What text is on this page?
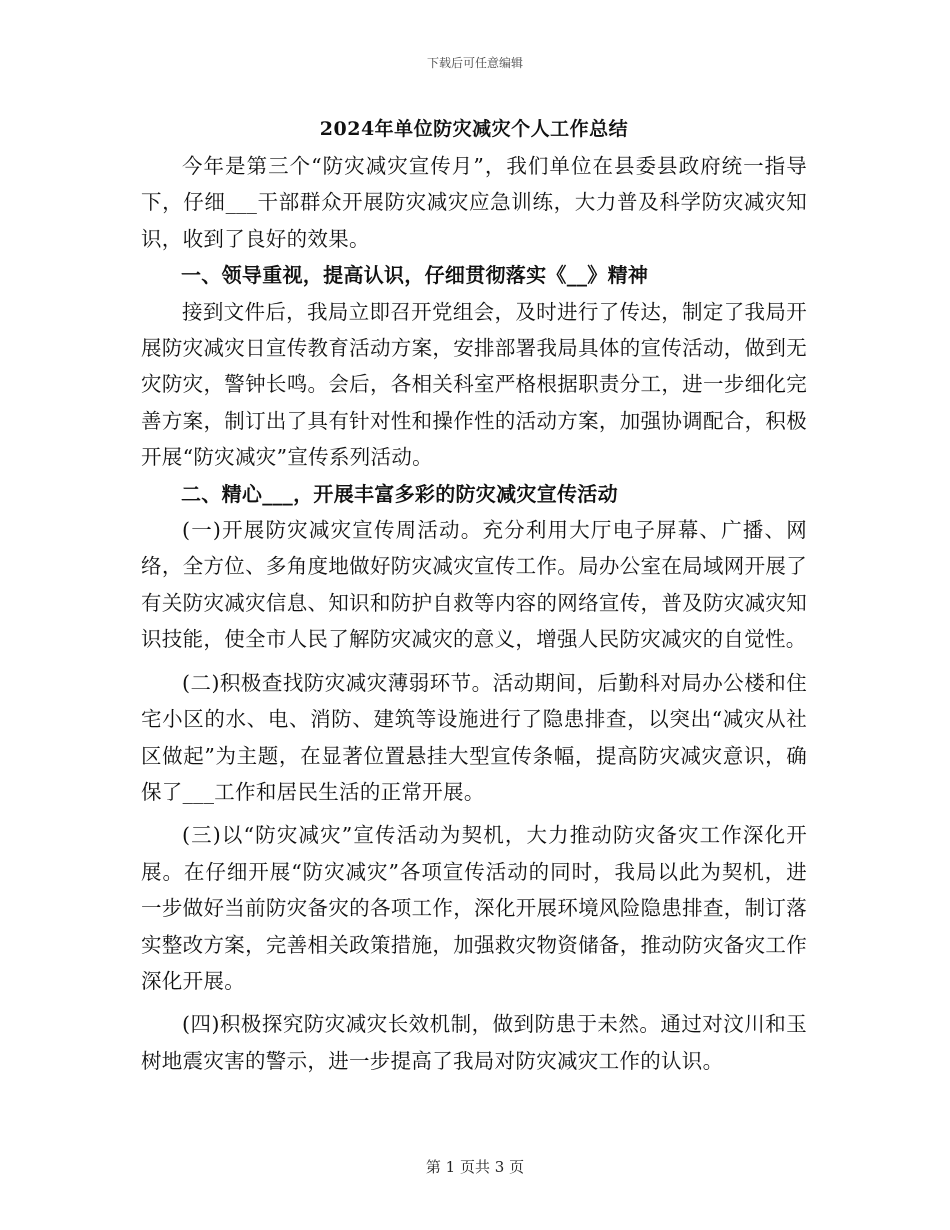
下载后可任意编辑
2024年单位防灾减灾个人工作总结

今年是第三个“防灾减灾宣传月”，我们单位在县委县政府统一指导下，仔细___干部群众开展防灾减灾应急训练，大力普及科学防灾减灾知识，收到了良好的效果。

一、领导重视，提高认识，仔细贯彻落实《__》精神

接到文件后，我局立即召开党组会，及时进行了传达，制定了我局开展防灾减灾日宣传教育活动方案，安排部署我局具体的宣传活动，做到无灾防灾，警钟长鸣。会后，各相关科室严格根据职责分工，进一步细化完善方案，制订出了具有针对性和操作性的活动方案，加强协调配合，积极开展“防灾减灾”宣传系列活动。

二、精心___，开展丰富多彩的防灾减灾宣传活动

(一)开展防灾减灾宣传周活动。充分利用大厅电子屏幕、广播、网络，全方位、多角度地做好防灾减灾宣传工作。局办公室在局域网开展了有关防灾减灾信息、知识和防护自救等内容的网络宣传，普及防灾减灾知识技能，使全市人民了解防灾减灾的意义，增强人民防灾减灾的自觉性。

(二)积极查找防灾减灾薄弱环节。活动期间，后勤科对局办公楼和住宅小区的水、电、消防、建筑等设施进行了隐患排查，以突出“减灾从社区做起”为主题，在显著位置悬挂大型宣传条幅，提高防灾减灾意识，确保了___工作和居民生活的正常开展。

(三)以“防灾减灾”宣传活动为契机，大力推动防灾备灾工作深化开展。在仔细开展“防灾减灾”各项宣传活动的同时，我局以此为契机，进一步做好当前防灾备灾的各项工作，深化开展环境风险隐患排查，制订落实整改方案，完善相关政策措施，加强救灾物资储备，推动防灾备灾工作深化开展。

(四)积极探究防灾减灾长效机制，做到防患于未然。通过对汶川和玉树地震灾害的警示，进一步提高了我局对防灾减灾工作的认识。

第 1 页共 3 页
